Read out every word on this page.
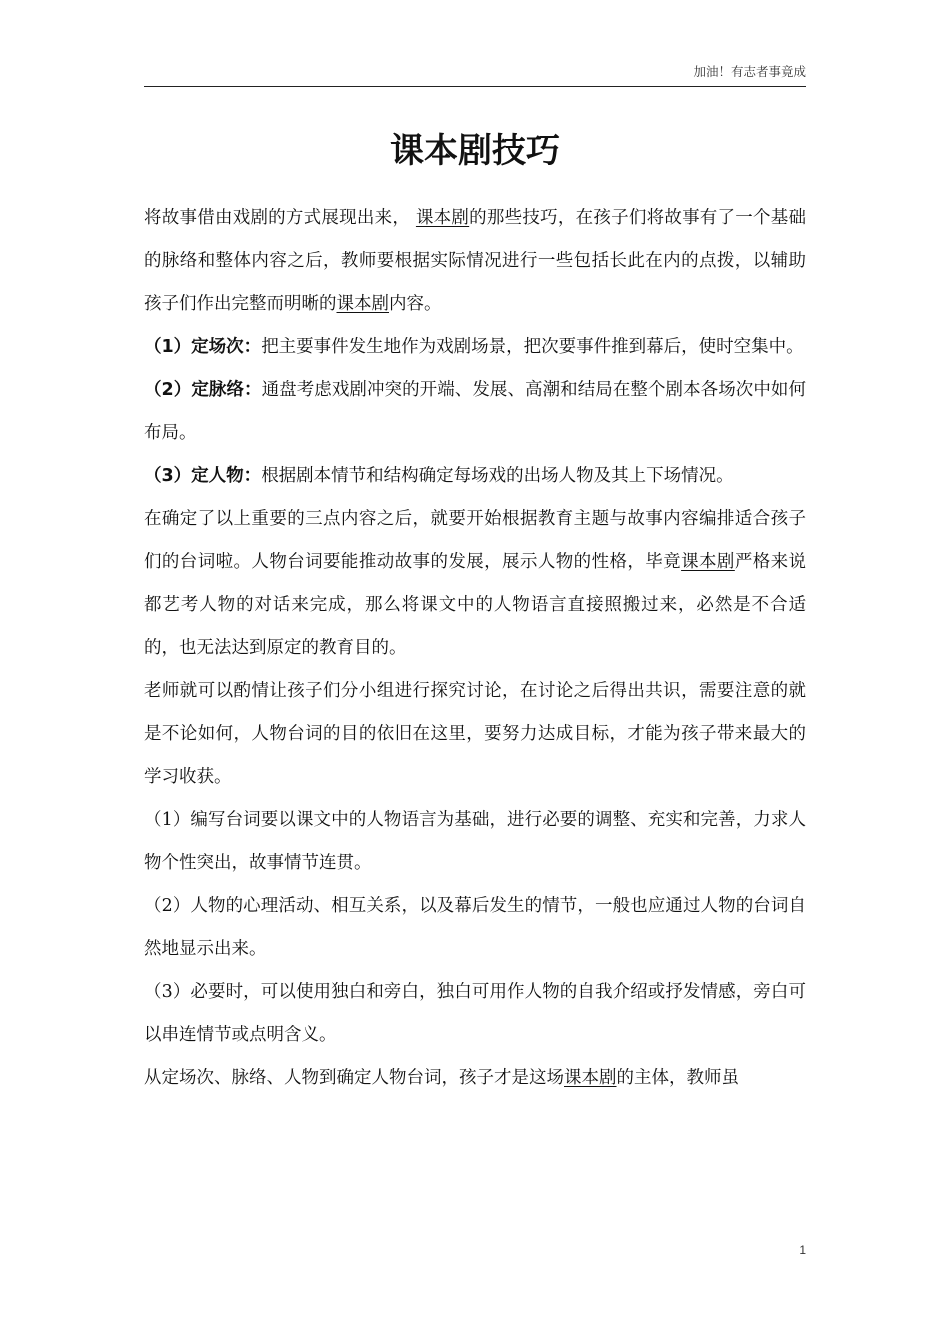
加油！有志者事竟成
课本剧技巧

将故事借由戏剧的方式展现出来， 课本剧的那些技巧，在孩子们将故事有了一个基础的脉络和整体内容之后，教师要根据实际情况进行一些包括长此在内的点拨，以辅助孩子们作出完整而明晰的课本剧内容。

（1）定场次：把主要事件发生地作为戏剧场景，把次要事件推到幕后，使时空集中。

（2）定脉络：通盘考虑戏剧冲突的开端、发展、高潮和结局在整个剧本各场次中如何布局。

（3）定人物：根据剧本情节和结构确定每场戏的出场人物及其上下场情况。

在确定了以上重要的三点内容之后，就要开始根据教育主题与故事内容编排适合孩子们的台词啦。人物台词要能推动故事的发展，展示人物的性格，毕竟课本剧严格来说都艺考人物的对话来完成，那么将课文中的人物语言直接照搬过来，必然是不合适的，也无法达到原定的教育目的。

老师就可以酌情让孩子们分小组进行探究讨论，在讨论之后得出共识，需要注意的就是不论如何，人物台词的目的依旧在这里，要努力达成目标，才能为孩子带来最大的学习收获。

（1）编写台词要以课文中的人物语言为基础，进行必要的调整、充实和完善，力求人物个性突出，故事情节连贯。

（2）人物的心理活动、相互关系，以及幕后发生的情节，一般也应通过人物的台词自然地显示出来。

（3）必要时，可以使用独白和旁白，独白可用作人物的自我介绍或抒发情感，旁白可以串连情节或点明含义。

从定场次、脉络、人物到确定人物台词，孩子才是这场课本剧的主体，教师虽

1
